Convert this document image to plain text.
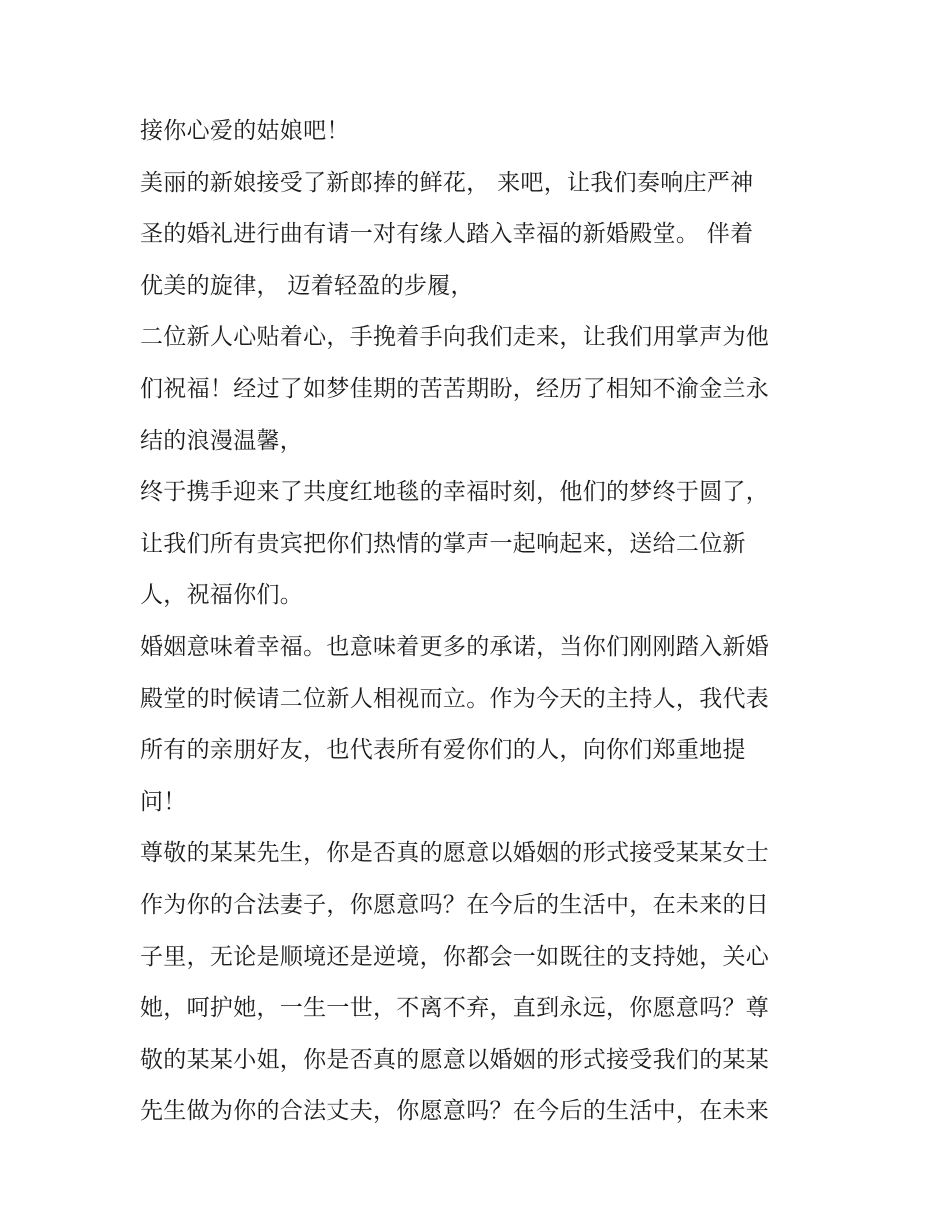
接你心爱的姑娘吧！
美丽的新娘接受了新郎捧的鲜花， 来吧，让我们奏响庄严神
圣的婚礼进行曲有请一对有缘人踏入幸福的新婚殿堂。 伴着
优美的旋律， 迈着轻盈的步履，
二位新人心贴着心，手挽着手向我们走来，让我们用掌声为他
们祝福！经过了如梦佳期的苦苦期盼，经历了相知不渝金兰永
结的浪漫温馨，
终于携手迎来了共度红地毯的幸福时刻，他们的梦终于圆了，
让我们所有贵宾把你们热情的掌声一起响起来，送给二位新
人，祝福你们。
婚姻意味着幸福。也意味着更多的承诺，当你们刚刚踏入新婚
殿堂的时候请二位新人相视而立。作为今天的主持人，我代表
所有的亲朋好友，也代表所有爱你们的人，向你们郑重地提
问！
尊敬的某某先生，你是否真的愿意以婚姻的形式接受某某女士
作为你的合法妻子，你愿意吗？在今后的生活中，在未来的日
子里，无论是顺境还是逆境，你都会一如既往的支持她，关心
她，呵护她，一生一世，不离不弃，直到永远，你愿意吗？尊
敬的某某小姐，你是否真的愿意以婚姻的形式接受我们的某某
先生做为你的合法丈夫，你愿意吗？在今后的生活中，在未来
